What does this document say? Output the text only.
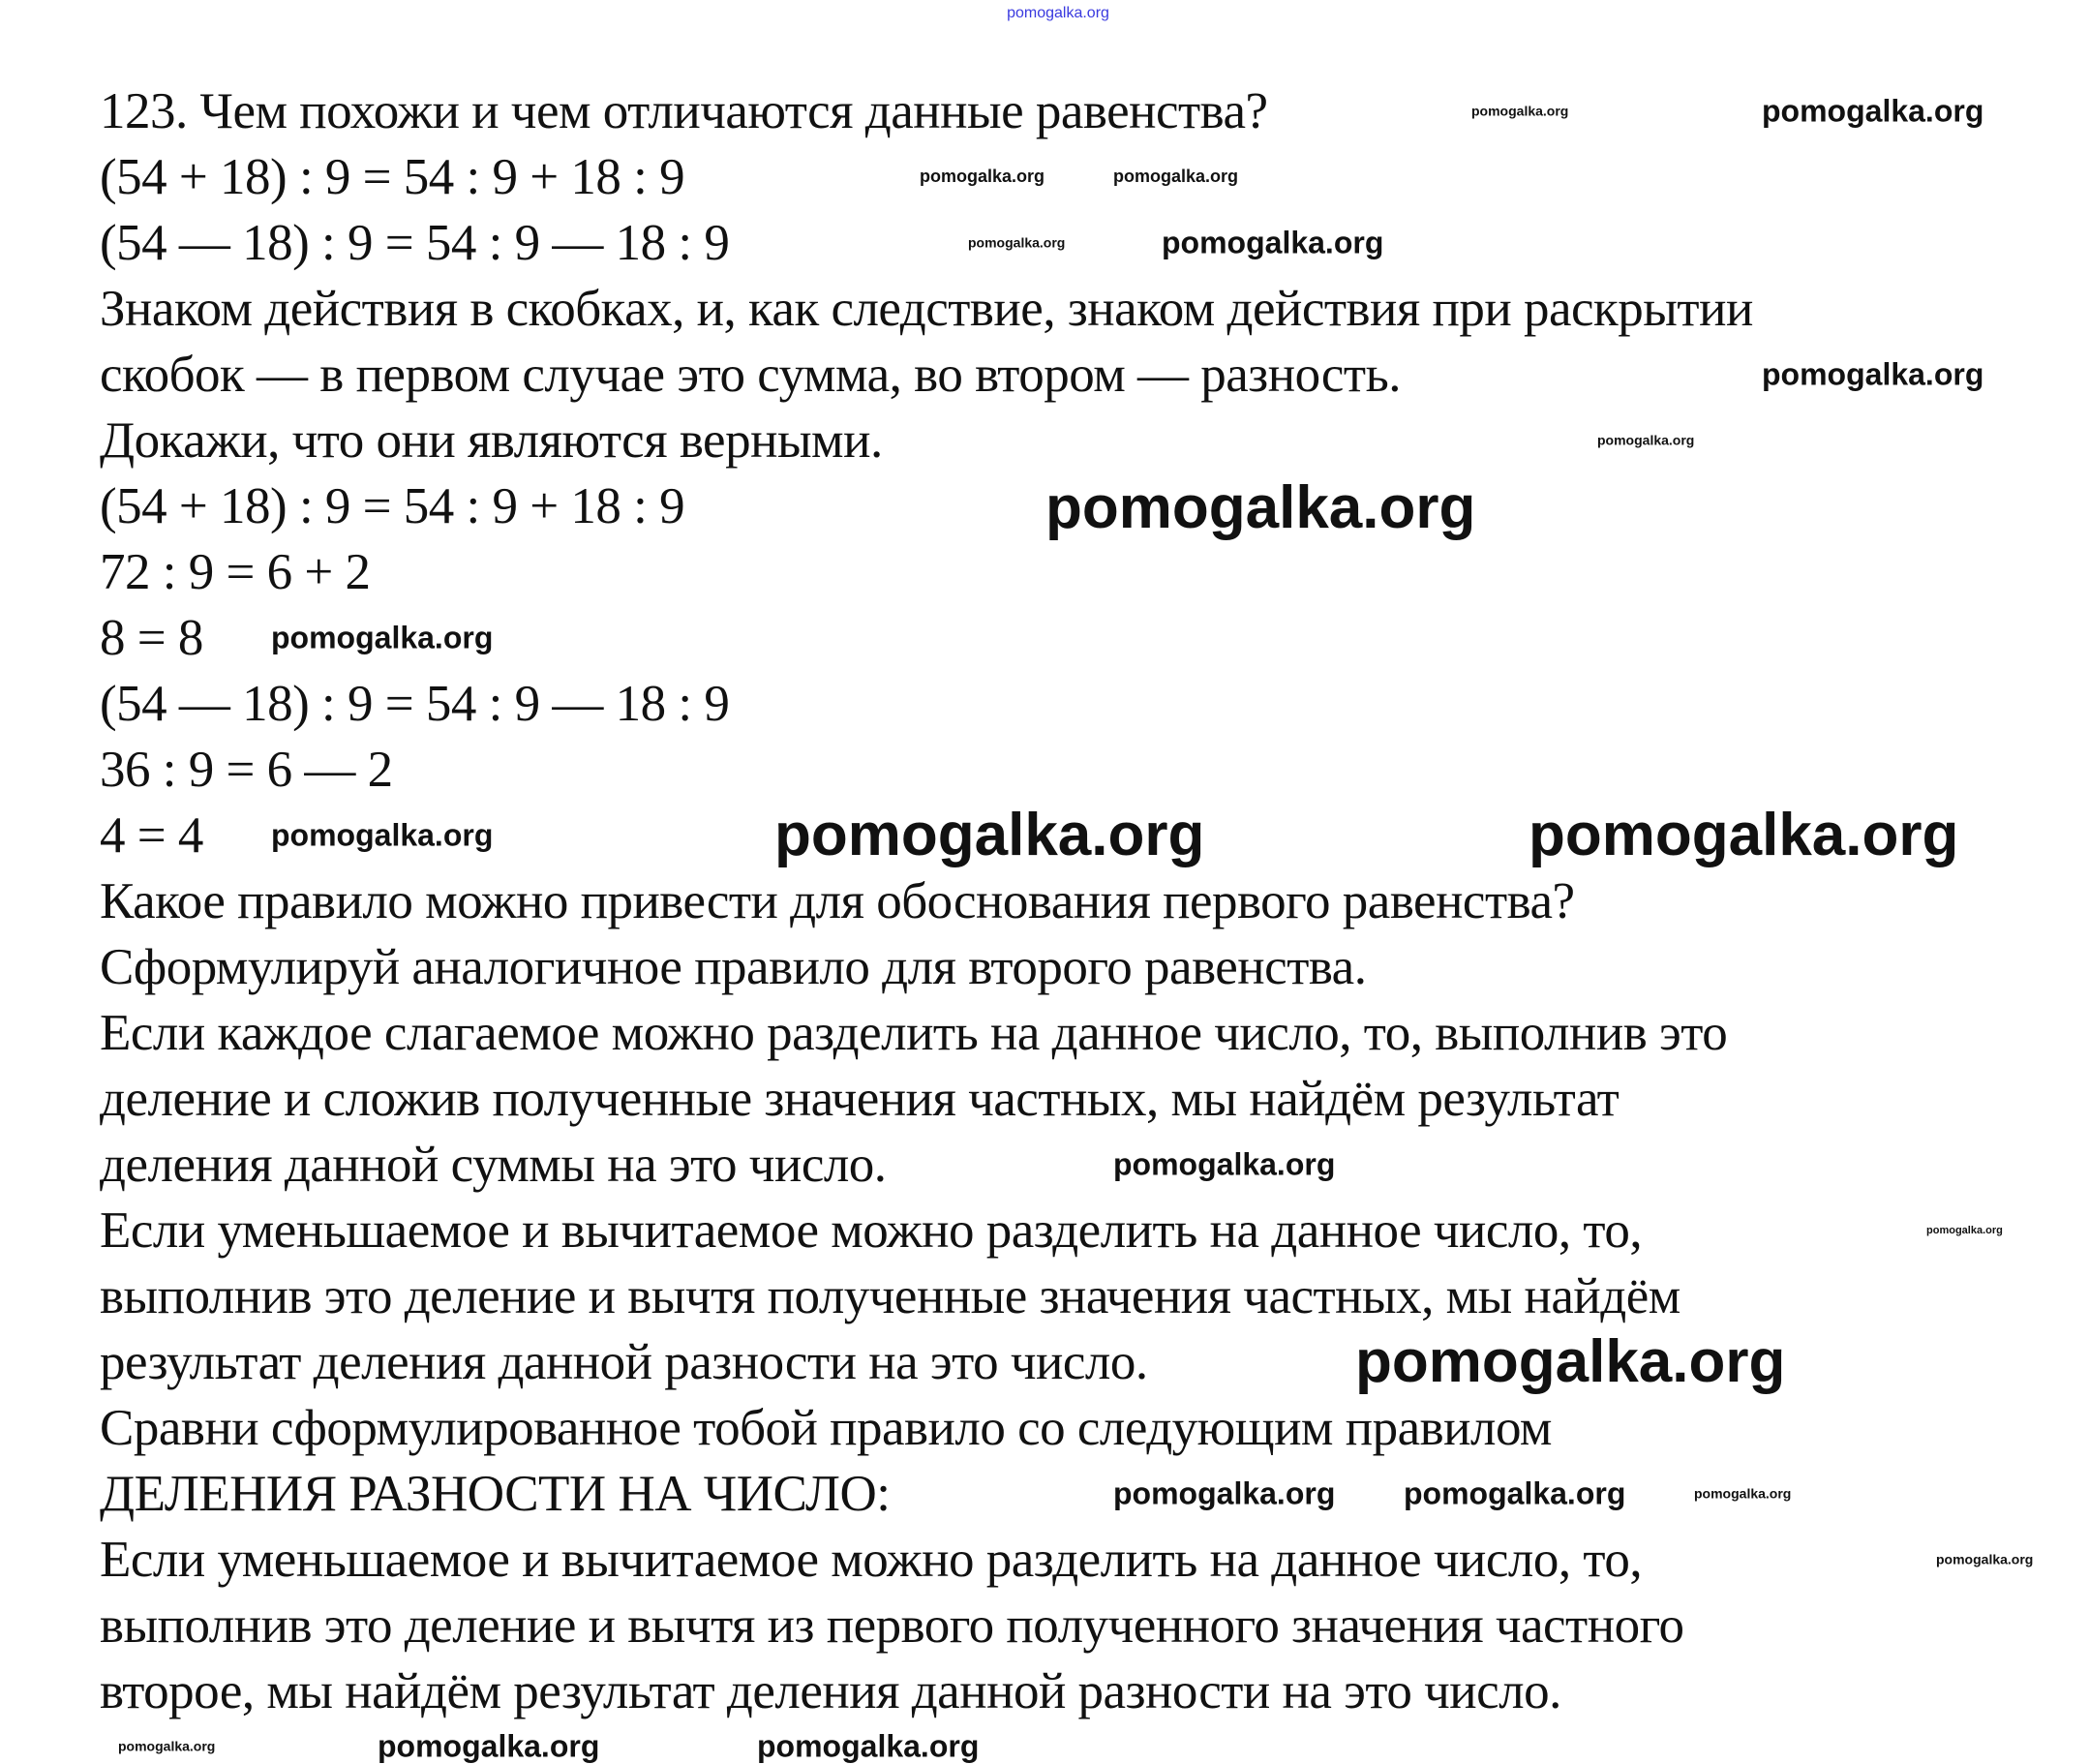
123. Чем похожи и чем отличаются данные равенства?
(54 + 18) : 9 = 54 : 9 + 18 : 9
(54 — 18) : 9 = 54 : 9 — 18 : 9
Знаком действия в скобках, и, как следствие, знаком действия при раскрытии
скобок — в первом случае это сумма, во втором — разность.
Докажи, что они являются верными.
(54 + 18) : 9 = 54 : 9 + 18 : 9
72 : 9 = 6 + 2
8 = 8
(54 — 18) : 9 = 54 : 9 — 18 : 9
36 : 9 = 6 — 2
4 = 4
Какое правило можно привести для обоснования первого равенства?
Сформулируй аналогичное правило для второго равенства.
Если каждое слагаемое можно разделить на данное число, то, выполнив это
деление и сложив полученные значения частных, мы найдём результат
деления данной суммы на это число.
Если уменьшаемое и вычитаемое можно разделить на данное число, то,
выполнив это деление и вычтя полученные значения частных, мы найдём
результат деления данной разности на это число.
Сравни сформулированное тобой правило со следующим правилом
ДЕЛЕНИЯ РАЗНОСТИ НА ЧИСЛО:
Если уменьшаемое и вычитаемое можно разделить на данное число, то,
выполнив это деление и вычтя из первого полученного значения частного
второе, мы найдём результат деления данной разности на это число.
pomogalka.org
pomogalka.org	pomogalka.org
pomogalka.org	pomogalka.org
pomogalka.org	pomogalka.org
pomogalka.org
pomogalka.org
pomogalka.org
pomogalka.org
pomogalka.org	pomogalka.org
pomogalka.org
pomogalka.org
pomogalka.org
pomogalka.org pomogalka.org	pomogalka.org
pomogalka.org
pomogalka.org
pomogalka.org	pomogalka.org
pomogalka.org
